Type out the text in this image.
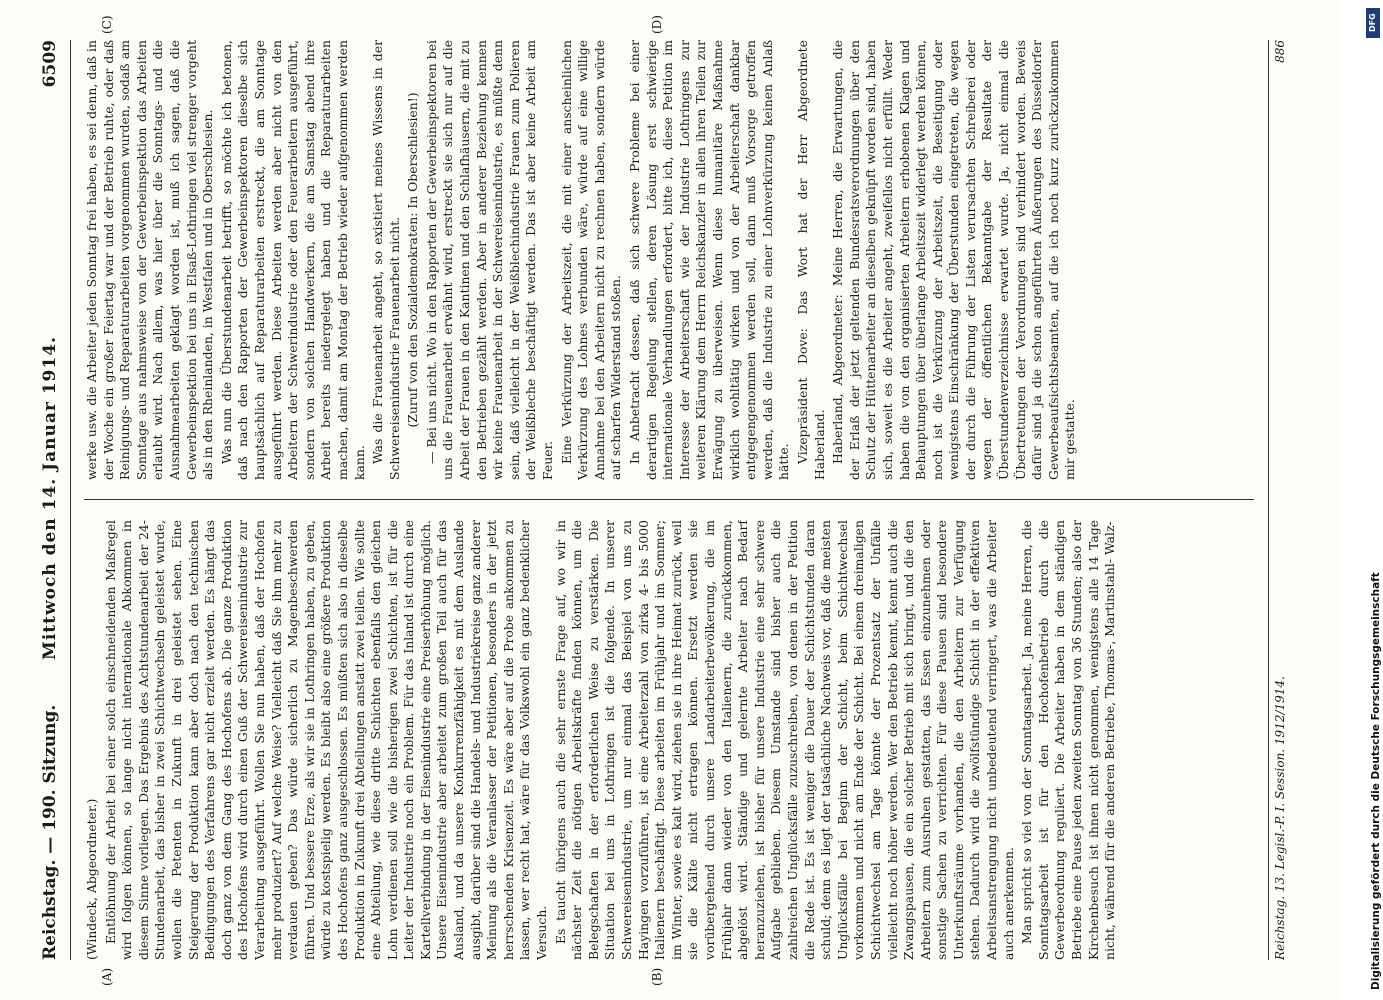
Reichstag. — 190. Sitzung.
Mittwoch den 14. Januar 1914.
6509
(A)	(B)
(C)	(D)

(Windeck, Abgeordneter.) Entlöhnung der Arbeit bei einer solch einschneidenden Maßregel wird folgen können, so lange nicht internationale Abkommen in diesem Sinne vorliegen. Das Ergebnis des Achtstundenarbeit der 24-Stundenarbeit, das bisher in zwei Schichtwechseln geleistet wurde, wollen die Petenten in Zukunft in drei geleistet sehen. Eine Steigerung der Produktion kann aber doch nach den technischen Bedingungen des Verfahrens gar nicht erzielt werden. Es hängt das doch ganz von dem Gang des Hochofens ab. Die ganze Produktion des Hochofens wird durch einen Guß der Schwereisenindustrie zur Verarbeitung ausgeführt. Wollen Sie nun haben, daß der Hochofen mehr produziert? Auf welche Weise? Vielleicht daß Sie ihm mehr zu verdauen geben? Das würde sicherlich zu Magenbeschwerden führen. Und bessere Erze, als wir sie in Lothringen haben, zu geben, würde zu kostspielig werden. Es bleibt also eine größere Produktion des Hochofens ganz ausgeschlossen. Es müßten sich also in dieselbe Produktion in Zukunft drei Abteilungen anstatt zwei teilen. Wie sollte eine Abteilung, wie diese dritte Schichten ebenfalls den gleichen Lohn verdienen soll wie die bisherigen zwei Schichten, ist für die Leiter der Industrie noch ein Problem. Für das Inland ist durch eine Kartellverbindung in der Eisenindustrie eine Preiserhöhung möglich. Unsere Eisenindustrie aber arbeitet zum großen Teil auch für das Ausland, und da unsere Konkurrenzfähigkeit es mit dem Auslande ausgibt, darüber sind die Handels- und Industriekreise ganz anderer Meinung als die Veranlasser der Petitionen, besonders in der jetzt herrschenden Krisenzeit. Es wäre aber auf die Probe ankommen zu lassen, wer recht hat, wäre für das Volkswohl ein ganz bedenklicher Versuch. Es taucht übrigens auch die sehr ernste Frage auf, wo wir in nächster Zeit die nötigen Arbeitskräfte finden können, um die Belegschaften in der erforderlichen Weise zu verstärken. Die Situation bei uns in Lothringen ist die folgende. In unserer Schwereisenindustrie, um nur einmal das Beispiel von uns zu Hayingen vorzuführen, ist eine Arbeiterzahl von zirka 4- bis 5000 Italienern beschäftigt. Diese arbeiten im Frühjahr und im Sommer; im Winter, sowie es kalt wird, ziehen sie in ihre Heimat zurück, weil sie die Kälte nicht ertragen können. Ersetzt werden sie vorübergehend durch unsere Landarbeiterbevölkerung, die im Frühjahr dann wieder von den Italienern, die zurückkommen, abgelöst wird. Ständige und gelernte Arbeiter nach Bedarf heranzuziehen, ist bisher für unsere Industrie eine sehr schwere Aufgabe geblieben. Diesem Umstande sind bisher auch die zahlreichen Unglücksfälle zuzuschreiben, von denen in der Petition die Rede ist. Es ist weniger die Dauer der Schichtstunden daran schuld; denn es liegt der tatsächliche Nachweis vor, daß die meisten Unglücksfälle bei Beginn der Schicht, beim Schichtwechsel vorkommen und nicht am Ende der Schicht. Bei einem dreimaligen Schichtwechsel am Tage könnte der Prozentsatz der Unfälle vielleicht noch höher werden. Wer den Betrieb kennt, kennt auch die Zwangspausen, die ein solcher Betrieb mit sich bringt, und die den Arbeitern zum Ausruhen gestatten, das Essen einzunehmen oder sonstige Sachen zu verrichten. Für diese Pausen sind besondere Unterkunftsräume vorhanden, die den Arbeitern zur Verfügung stehen. Dadurch wird die zwölfstündige Schicht in der effektiven Arbeitsanstrengung nicht unbedeutend verringert, was die Arbeiter auch anerkennen. Man spricht so viel von der Sonntagsarbeit. Ja, meine Herren, die Sonntagsarbeit ist für den Hochofenbetrieb durch die Gewerbeordnung reguliert. Die Arbeiter haben in dem ständigen Betriebe eine Pause jeden zweiten Sonntag von 36 Stunden; also der Kirchenbesuch ist ihnen nicht genommen, wenigstens alle 14 Tage nicht, während für die anderen Betriebe, Thomas-, Martinstahl- Walz-

werke usw. die Arbeiter jeden Sonntag frei haben, es sei denn, daß in der Woche ein großer Feiertag war und der Betrieb ruhte, oder daß Reinigungs- und Reparaturarbeiten vorgenommen wurden, sodaß am Sonntage aus nahmsweise von der Gewerbeinspektion das Arbeiten erlaubt wird. Nach allem, was hier über die Sonntags- und die Ausnahmearbeiten geklagt worden ist, muß ich sagen, daß die Gewerbeinspektion bei uns in Elsaß-Lothringen viel strenger vorgeht als in den Rheinlanden, in Westfalen und in Oberschlesien. Was nun die Überstundenarbeit betrifft, so möchte ich betonen, daß nach den Rapporten der Gewerbeinspektoren dieselbe sich hauptsächlich auf Reparaturarbeiten erstreckt, die am Sonntage ausgeführt werden. Diese Arbeiten werden aber nicht von den Arbeitern der Schwerindustrie oder den Feuerarbeitern ausgeführt, sondern von solchen Handwerkern, die am Samstag abend ihre Arbeit bereits niedergelegt haben und die Reparaturarbeiten machen, damit am Montag der Betrieb wieder aufgenommen werden kann. Was die Frauenarbeit angeht, so existiert meines Wissens in der Schwereisenindustrie Frauenarbeit nicht. (Zuruf von den Sozialdemokraten: In Oberschlesien!) — Bei uns nicht. Wo in den Rapporten der Gewerbeinspektoren bei uns die Frauenarbeit erwähnt wird, erstreckt sie sich nur auf die Arbeit der Frauen in den Kantinen und den Schlafhäusern, die mit zu den Betrieben gezählt werden. Aber in anderer Beziehung kennen wir keine Frauenarbeit in der Schwereisenindustrie, es müßte denn sein, daß vielleicht in der Weißblechindustrie Frauen zum Polieren der Weißbleche beschäftigt werden. Das ist aber keine Arbeit am Feuer. Eine Verkürzung der Arbeitszeit, die mit einer anscheinlichen Verkürzung des Lohnes verbunden wäre, würde auf eine willige Annahme bei den Arbeitern nicht zu rechnen haben, sondern würde auf scharfen Widerstand stoßen. In Anbetracht dessen, daß sich schwere Probleme bei einer derartigen Regelung stellen, deren Lösung erst schwierige internationale Verhandlungen erfordert, bitte ich, diese Petition im Interesse der Arbeiterschaft wie der Industrie Lothringens zur weiteren Klärung dem Herrn Reichskanzler in allen ihren Teilen zur Erwägung zu überweisen. Wenn diese humanitäre Maßnahme wirklich wohltätig wirken und von der Arbeiterschaft dankbar entgegengenommen werden soll, dann muß Vorsorge getroffen werden, daß die Industrie zu einer Lohnverkürzung keinen Anlaß hätte. Vizepräsident Dove: Das Wort hat der Herr Abgeordnete Haberland. Haberland, Abgeordneter: Meine Herren, die Erwartungen, die der Erlaß der jetzt geltenden Bundesratsverordnungen über den Schutz der Hüttenarbeiter an dieselben geknüpft worden sind, haben sich, soweit es die Arbeiter angeht, zweifellos nicht erfüllt. Weder haben die von den organisierten Arbeitern erhobenen Klagen und Behauptungen über überlange Arbeitszeit widerlegt werden können, noch ist die Verkürzung der Arbeitszeit, die Beseitigung oder wenigstens Einschränkung der Überstunden eingetreten, die wegen der durch die Führung der Listen verursachten Schreiberei oder wegen der öffentlichen Bekanntgabe der Resultate der Überstundenverzeichnisse erwartet wurde. Ja, nicht einmal die Übertretungen der Verordnungen sind verhindert worden. Beweis dafür sind ja die schon angeführten Äußerungen des Düsseldorfer Gewerbeaufsichtsbeamten, auf die ich noch kurz zurückzukommen mir gestatte.

Reichstag. 13. Legisl.-P. I. Session. 1912/1914.
886
Digitalisierung gefördert durch die Deutsche Forschungsgemeinschaft
DFG
